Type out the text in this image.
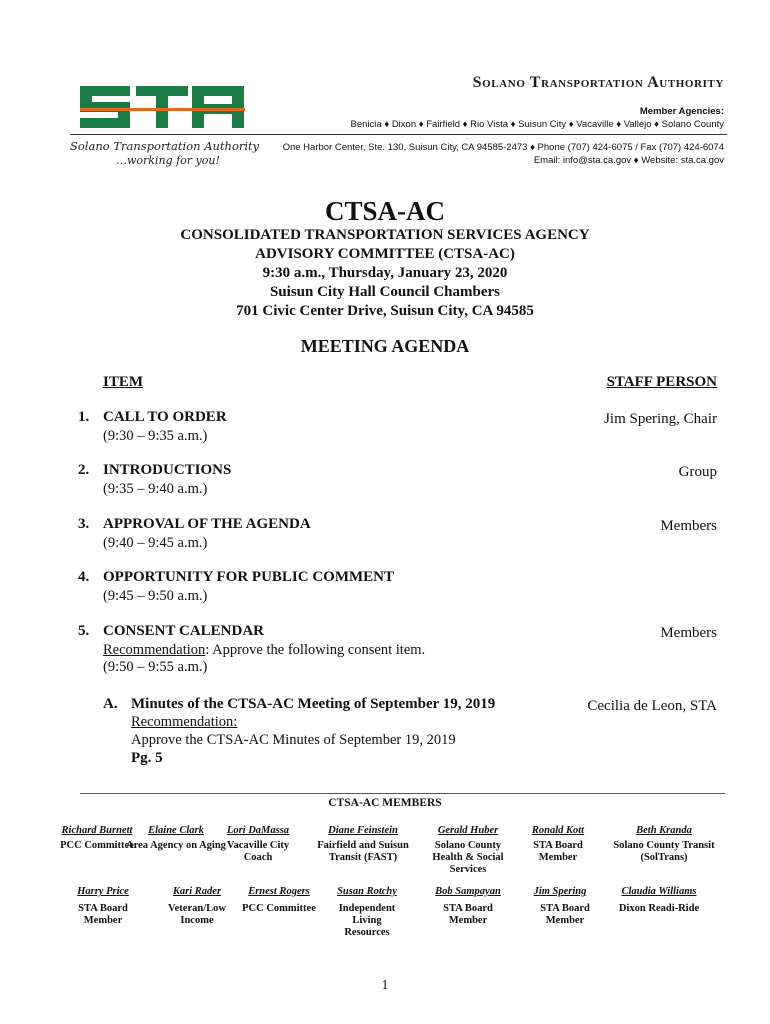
Solano Transportation Authority
…working for you!
Solano Transportation Authority
Member Agencies:
Benicia ♦ Dixon ♦ Fairfield ♦ Rio Vista ♦ Suisun City ♦ Vacaville ♦ Vallejo ♦ Solano County
One Harbor Center, Ste. 130, Suisun City, CA 94585-2473 ♦ Phone (707) 424-6075 / Fax (707) 424-6074
Email: info@sta.ca.gov ♦ Website: sta.ca.gov
CTSA-AC
CONSOLIDATED TRANSPORTATION SERVICES AGENCY
ADVISORY COMMITTEE (CTSA-AC)
9:30 a.m., Thursday, January 23, 2020
Suisun City Hall Council Chambers
701 Civic Center Drive, Suisun City, CA 94585
MEETING AGENDA
ITEM	STAFF PERSON
1. CALL TO ORDER
(9:30 – 9:35 a.m.)
Jim Spering, Chair
2. INTRODUCTIONS
(9:35 – 9:40 a.m.)
Group
3. APPROVAL OF THE AGENDA
(9:40 – 9:45 a.m.)
Members
4. OPPORTUNITY FOR PUBLIC COMMENT
(9:45 – 9:50 a.m.)
5. CONSENT CALENDAR
Recommendation: Approve the following consent item.
(9:50 – 9:55 a.m.)
Members
A. Minutes of the CTSA-AC Meeting of September 19, 2019
Recommendation:
Approve the CTSA-AC Minutes of September 19, 2019
Pg. 5
Cecilia de Leon, STA
CTSA-AC MEMBERS
Richard Burnett
PCC Committee
Elaine Clark
Area Agency on Aging
Lori DaMassa
Vacaville City Coach
Diane Feinstein
Fairfield and Suisun Transit (FAST)
Gerald Huber
Solano County Health & Social Services
Ronald Kott
STA Board Member
Beth Kranda
Solano County Transit (SolTrans)
Harry Price
STA Board Member
Kari Rader
Veteran/Low Income
Ernest Rogers
PCC Committee
Susan Rotchy
Independent Living Resources
Bob Sampayan
STA Board Member
Jim Spering
STA Board Member
Claudia Williams
Dixon Readi-Ride
1
